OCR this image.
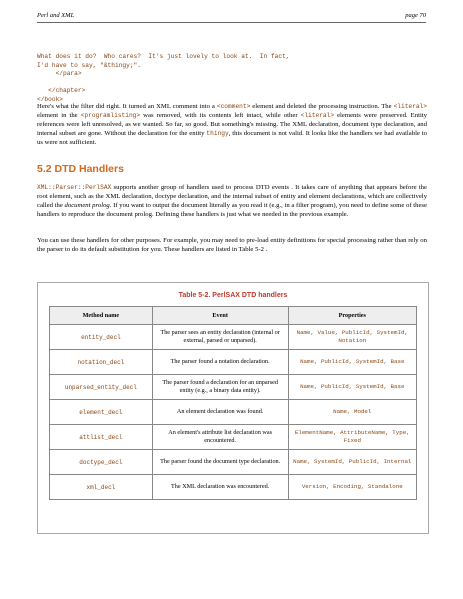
Perl and XML	page 70
What does it do?  Who cares?  It's just lovely to look at.  In fact,
I'd have to say, "&thingy;".
</para>

</chapter>
</book>

Here's what the filter did right. It turned an XML comment into a <comment> element and deleted the processing instruction. The <literal> element in the <programlisting> was removed, with its contents left intact, while other <literal> elements were preserved. Entity references were left unresolved, as we wanted. So far, so good. But something's missing. The XML declaration, document type declaration, and internal subset are gone. Without the declaration for the entity thingy, this document is not valid. It looks like the handlers we had available to us were not sufficient.

5.2 DTD Handlers

XML::Parser::PerlSAX supports another group of handlers used to process DTD events . It takes care of anything that appears before the root element, such as the XML declaration, doctype declaration, and the internal subset of entity and element declarations, which are collectively called the document prolog. If you want to output the document literally as you read it (e.g., in a filter program), you need to define some of these handlers to reproduce the document prolog. Defining these handlers is just what we needed in the previous example.

You can use these handlers for other purposes. For example, you may need to pre-load entity definitions for special processing rather than rely on the parser to do its default substitution for you. These handlers are listed in Table 5-2 .

Table 5-2. PerlSAX DTD handlers
Method name	Event	Properties
entity_decl	The parser sees an entity declaration (internal or external, parsed or unparsed).	Name, Value, PublicId, SystemId, Notation
notation_decl	The parser found a notation declaration.	Name, PublicId, SystemId, Base
unparsed_entity_decl	The parser found a declaration for an unparsed entity (e.g., a binary data entity).	Name, PublicId, SystemId, Base
element_decl	An element declaration was found.	Name, Model
attlist_decl	An element's attribute list declaration was encountered.	ElementName, AttributeName, Type, Fixed
doctype_decl	The parser found the document type declaration.	Name, SystemId, PublicId, Internal
xml_decl	The XML declaration was encountered.	Version, Encoding, Standalone
